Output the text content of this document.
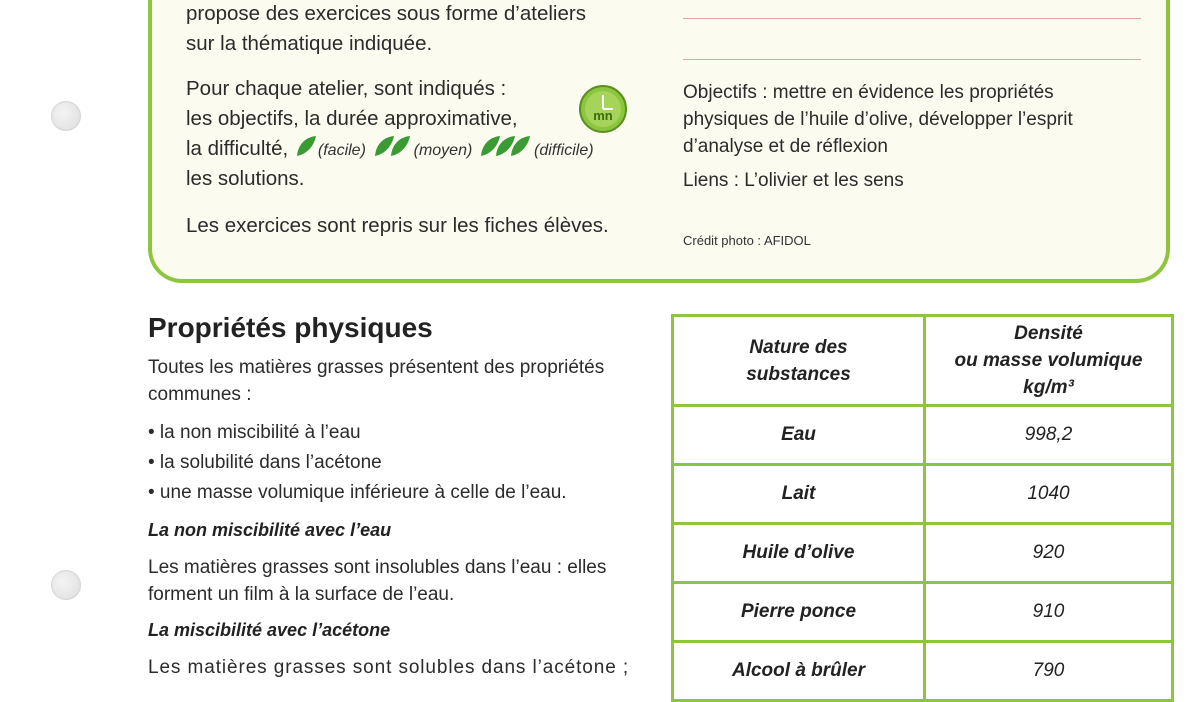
propose des exercices sous forme d’ateliers
sur la thématique indiquée.
Pour chaque atelier, sont indiqués :
les objectifs, la durée approximative,	mn
la difficulté, (facile)	(moyen)	(difficile)
les solutions.
Les exercices sont repris sur les fiches élèves.
Objectifs : mettre en évidence les propriétés
physiques de l’huile d’olive, développer l’esprit
d’analyse et de réflexion
Liens : L’olivier et les sens
Crédit photo : AFIDOL
Propriétés physiques
Toutes les matières grasses présentent des propriétés
communes :
• la non miscibilité à l’eau
• la solubilité dans l’acétone
• une masse volumique inférieure à celle de l’eau.
La non miscibilité avec l’eau
Les matières grasses sont insolubles dans l’eau : elles
forment un film à la surface de l’eau.
La miscibilité avec l’acétone
Les matières grasses sont solubles dans l’acétone ;
Nature des
substances	Densité
ou masse volumique
kg/m³
Eau	998,2
Lait	1040
Huile d’olive	920
Pierre ponce	910
Alcool à brûler	790
